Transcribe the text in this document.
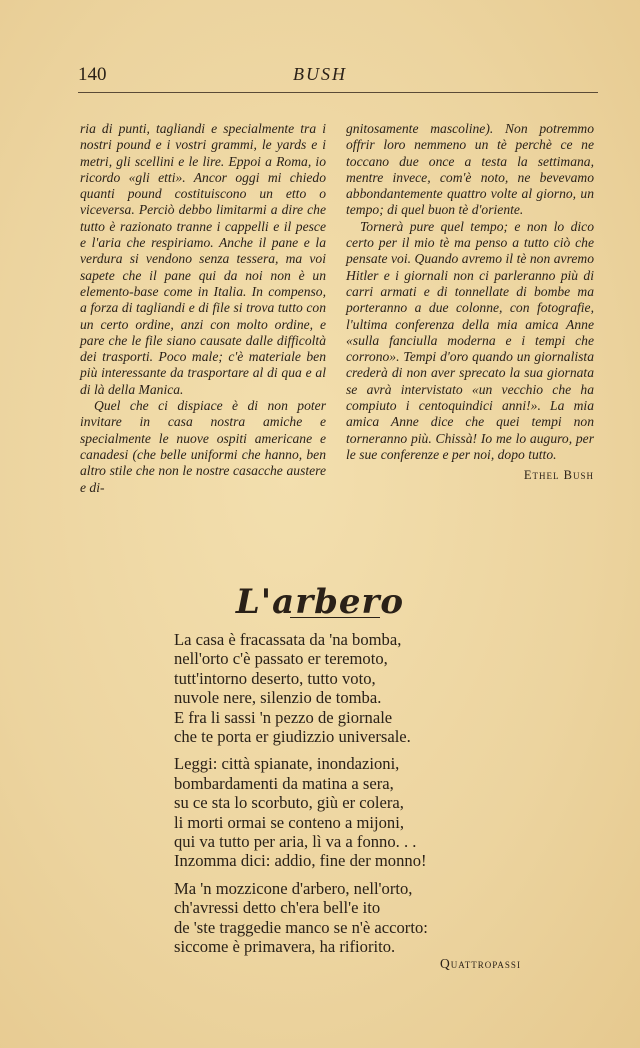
140	BUSH

ria di punti, tagliandi e specialmente tra i nostri pound e i vostri grammi, le yards e i metri, gli scellini e le lire. Eppoi a Roma, io ricordo «gli etti». Ancor oggi mi chiedo quanti pound costituiscono un etto o viceversa. Perciò debbo limitarmi a dire che tutto è razionato tranne i cappelli e il pesce e l'aria che respiriamo. Anche il pane e la verdura si vendono senza tessera, ma voi sapete che il pane qui da noi non è un elemento-base come in Italia. In compenso, a forza di tagliandi e di file si trova tutto con un certo ordine, anzi con molto ordine, e pare che le file siano causate dalle difficoltà dei trasporti. Poco male; c'è materiale ben più interessante da trasportare al di qua e al di là della Manica.

Quel che ci dispiace è di non poter invitare in casa nostra amiche e specialmente le nuove ospiti americane e canadesi (che belle uniformi che hanno, ben altro stile che non le nostre casacche austere e di-

gnitosamente mascoline). Non potremmo offrir loro nemmeno un tè perchè ce ne toccano due once a testa la settimana, mentre invece, com'è noto, ne bevevamo abbondantemente quattro volte al giorno, un tempo; di quel buon tè d'oriente.

Tornerà pure quel tempo; e non lo dico certo per il mio tè ma penso a tutto ciò che pensate voi. Quando avremo il tè non avremo Hitler e i giornali non ci parleranno più di carri armati e di tonnellate di bombe ma porteranno a due colonne, con fotografie, l'ultima conferenza della mia amica Anne «sulla fanciulla moderna e i tempi che corrono». Tempi d'oro quando un giornalista crederà di non aver sprecato la sua giornata se avrà intervistato «un vecchio che ha compiuto i centoquindici anni!». La mia amica Anne dice che quei tempi non torneranno più. Chissà! Io me lo auguro, per le sue conferenze e per noi, dopo tutto.

Ethel Bush
L'arbero
La casa è fracassata da 'na bomba,
nell'orto c'è passato er teremoto,
tutt'intorno deserto, tutto voto,
nuvole nere, silenzio de tomba.
E fra li sassi 'n pezzo de giornale
che te porta er giudizzio universale.
Leggi: città spianate, inondazioni,
bombardamenti da matina a sera,
su ce sta lo scorbuto, giù er colera,
li morti ormai se conteno a mijoni,
qui va tutto per aria, lì va a fonno. . .
Inzomma dici: addio, fine der monno!
Ma 'n mozzicone d'arbero, nell'orto,
ch'avressi detto ch'era bell'e ito
de 'ste traggedie manco se n'è accorto:
siccome è primavera, ha rifiorito.
Quattropassi
